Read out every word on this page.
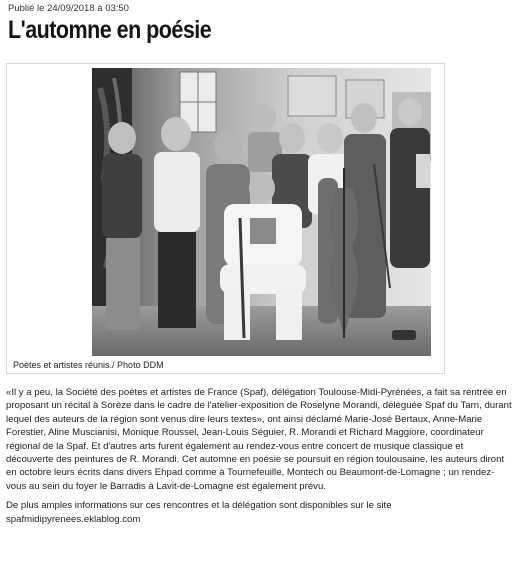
Publié le 24/09/2018 à 03:50
L'automne en poésie
Poètes et artistes réunis./ Photo DDM

«Il y a peu, la Société des poètes et artistes de France (Spaf), délégation Toulouse-Midi-Pyrénées, a fait sa rentrée en proposant un récital à Sorèze dans le cadre de l'atelier-exposition de Roselyne Morandi, déléguée Spaf du Tarn, durant lequel des auteurs de la région sont venus dire leurs textes», ont ainsi déclamé Marie-José Bertaux, Anne-Marie Forestier, Aline Muscianisi, Monique Roussel, Jean-Louis Séguier, R. Morandi et Richard Maggiore, coordinateur régional de la Spaf. Et d'autres arts furent également au rendez-vous entre concert de musique classique et découverte des peintures de R. Morandi. Cet automne en poésie se poursuit en région toulousaine, les auteurs diront en octobre leurs écrits dans divers Ehpad comme à Tournefeuille, Montech ou Beaumont-de-Lomagne ; un rendez-vous au sein du foyer le Barradis à Lavit-de-Lomagne est également prévu.

De plus amples informations sur ces rencontres et la délégation sont disponibles sur le site spafmidipyrenees.eklablog.com
